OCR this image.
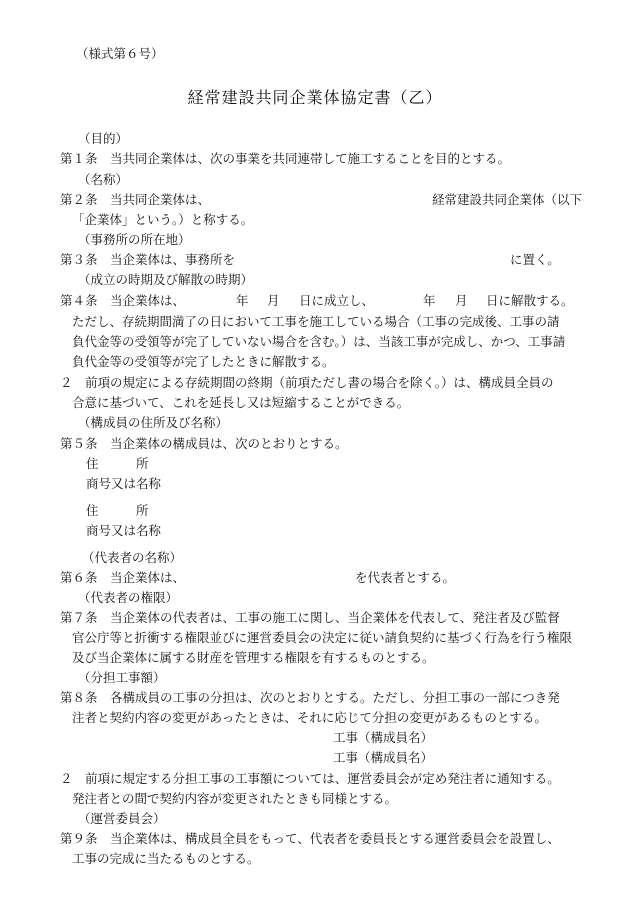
（様式第６号）
経常建設共同企業体協定書（乙）
（目的）
第１条　当共同企業体は、次の事業を共同連帯して施工することを目的とする。
（名称）
第２条　当共同企業体は、	経常建設共同企業体（以下
「企業体」という。）と称する。
（事務所の所在地）
第３条　当企業体は、事務所を	に置く。
（成立の時期及び解散の時期）
第４条　当企業体は、	年 月 日に成立し、	年 月 日に解散する。
ただし、存続期間満了の日において工事を施工している場合（工事の完成後、工事の請
負代金等の受領等が完了していない場合を含む。）は、当該工事が完成し、かつ、工事請
負代金等の受領等が完了したときに解散する。
２　前項の規定による存続期間の終期（前項ただし書の場合を除く。）は、構成員全員の
合意に基づいて、これを延長し又は短縮することができる。
（構成員の住所及び名称）
第５条　当企業体の構成員は、次のとおりとする。
住　　　所
商号又は名称
住　　　所
商号又は名称
（代表者の名称）
第６条　当企業体は、	を代表者とする。
（代表者の権限）
第７条　当企業体の代表者は、工事の施工に関し、当企業体を代表して、発注者及び監督
官公庁等と折衝する権限並びに運営委員会の決定に従い請負契約に基づく行為を行う権限
及び当企業体に属する財産を管理する権限を有するものとする。
（分担工事額）
第８条　各構成員の工事の分担は、次のとおりとする。ただし、分担工事の一部につき発
注者と契約内容の変更があったときは、それに応じて分担の変更があるものとする。
工事（構成員名）
工事（構成員名）
２　前項に規定する分担工事の工事額については、運営委員会が定め発注者に通知する。
発注者との間で契約内容が変更されたときも同様とする。
（運営委員会）
第９条　当企業体は、構成員全員をもって、代表者を委員長とする運営委員会を設置し、
工事の完成に当たるものとする。
